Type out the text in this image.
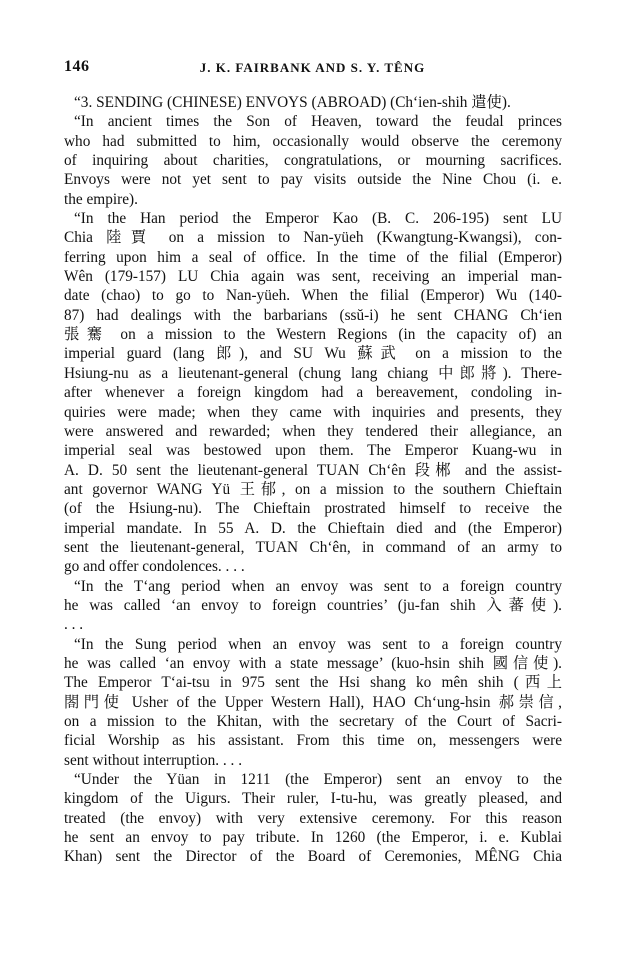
146	J. K. FAIRBANK AND S. Y. TÊNG

“3. SENDING (CHINESE) ENVOYS (ABROAD) (Ch‘ien-shih 遣使).

“In ancient times the Son of Heaven, toward the feudal princes
who had submitted to him, occasionally would observe the ceremony
of inquiring about charities, congratulations, or mourning sacrifices.
Envoys were not yet sent to pay visits outside the Nine Chou (i. e.
the empire).

“In the Han period the Emperor Kao (B. C. 206-195) sent LU
Chia 陸賈 on a mission to Nan-yüeh (Kwangtung-Kwangsi), con-
ferring upon him a seal of office. In the time of the filial (Emperor)
Wên (179-157) LU Chia again was sent, receiving an imperial man-
date (chao) to go to Nan-yüeh. When the filial (Emperor) Wu (140-
87) had dealings with the barbarians (ssŭ-i) he sent CHANG Ch‘ien
張騫 on a mission to the Western Regions (in the capacity of) an
imperial guard (lang 郎), and SU Wu 蘇武 on a mission to the
Hsiung-nu as a lieutenant-general (chung lang chiang 中郎將). There-
after whenever a foreign kingdom had a bereavement, condoling in-
quiries were made; when they came with inquiries and presents, they
were answered and rewarded; when they tendered their allegiance, an
imperial seal was bestowed upon them. The Emperor Kuang-wu in
A. D. 50 sent the lieutenant-general TUAN Ch‘ên 段郴 and the assist-
ant governor WANG Yü 王郁, on a mission to the southern Chieftain
(of the Hsiung-nu). The Chieftain prostrated himself to receive the
imperial mandate. In 55 A. D. the Chieftain died and (the Emperor)
sent the lieutenant-general, TUAN Ch‘ên, in command of an army to
go and offer condolences. . . .

“In the T‘ang period when an envoy was sent to a foreign country
he was called ‘an envoy to foreign countries’ (ju-fan shih 入蕃使).
. . .

“In the Sung period when an envoy was sent to a foreign country
he was called ‘an envoy with a state message’ (kuo-hsin shih 國信使).
The Emperor T‘ai-tsu in 975 sent the Hsi shang ko mên shih (西上
閤門使 Usher of the Upper Western Hall), HAO Ch‘ung-hsin 郝崇信,
on a mission to the Khitan, with the secretary of the Court of Sacri-
ficial Worship as his assistant. From this time on, messengers were
sent without interruption. . . .

“Under the Yüan in 1211 (the Emperor) sent an envoy to the
kingdom of the Uigurs. Their ruler, I-tu-hu, was greatly pleased, and
treated (the envoy) with very extensive ceremony. For this reason
he sent an envoy to pay tribute. In 1260 (the Emperor, i. e. Kublai
Khan) sent the Director of the Board of Ceremonies, MÊNG Chia
